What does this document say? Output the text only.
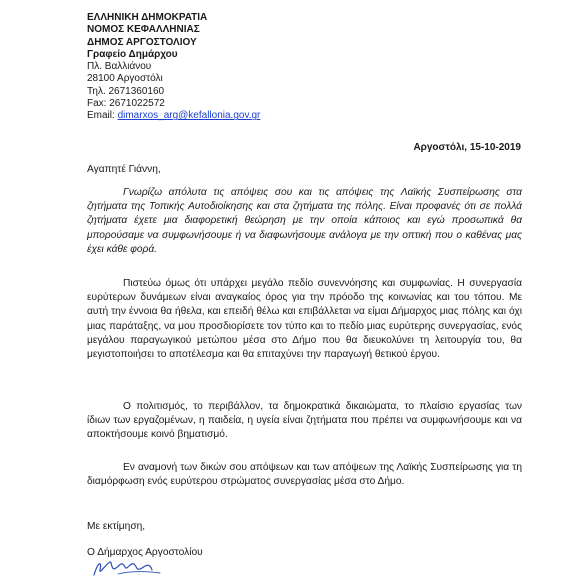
ΕΛΛΗΝΙΚΗ ΔΗΜΟΚΡΑΤΙΑ
ΝΟΜΟΣ ΚΕΦΑΛΛΗΝΙΑΣ
ΔΗΜΟΣ ΑΡΓΟΣΤΟΛΙΟΥ
Γραφείο Δημάρχου
Πλ. Βαλλιάνου
28100 Αργοστόλι
Τηλ. 2671360160
Fax: 2671022572
Email: dimarxos_arg@kefallonia.gov.gr
Αργοστόλι, 15-10-2019
Αγαπητέ Γιάννη,

Γνωρίζω απόλυτα τις απόψεις σου και τις απόψεις της Λαϊκής Συσπείρωσης στα ζητήματα της Τοπικής Αυτοδιοίκησης και στα ζητήματα της πόλης. Είναι προφανές ότι σε πολλά ζητήματα έχετε μια διαφορετική θεώρηση με την οποία κάποιος και εγώ προσωπικά θα μπορούσαμε να συμφωνήσουμε ή να διαφωνήσουμε ανάλογα με την οπτική που ο καθένας μας έχει κάθε φορά.

Πιστεύω όμως ότι υπάρχει μεγάλο πεδίο συνεννόησης και συμφωνίας. Η συνεργασία ευρύτερων δυνάμεων είναι αναγκαίος όρος για την πρόοδο της κοινωνίας και του τόπου. Με αυτή την έννοια θα ήθελα, και επειδή θέλω και επιβάλλεται να είμαι Δήμαρχος μιας πόλης και όχι μιας παράταξης, να μου προσδιορίσετε τον τύπο και το πεδίο μιας ευρύτερης συνεργασίας, ενός μεγάλου παραγωγικού μετώπου μέσα στο Δήμο που θα διευκολύνει τη λειτουργία του, θα μεγιστοποιήσει το αποτέλεσμα και θα επιταχύνει την παραγωγή θετικού έργου.

Ο πολιτισμός, το περιβάλλον, τα δημοκρατικά δικαιώματα, το πλαίσιο εργασίας των ίδιων των εργαζομένων, η παιδεία, η υγεία είναι ζητήματα που πρέπει να συμφωνήσουμε και να αποκτήσουμε κοινό βηματισμό.

Εν αναμονή των δικών σου απόψεων και των απόψεων της Λαϊκής Συσπείρωσης για τη διαμόρφωση ενός ευρύτερου στρώματος συνεργασίας μέσα στο Δήμο.

Με εκτίμηση,
Ο Δήμαρχος Αργοστολίου
